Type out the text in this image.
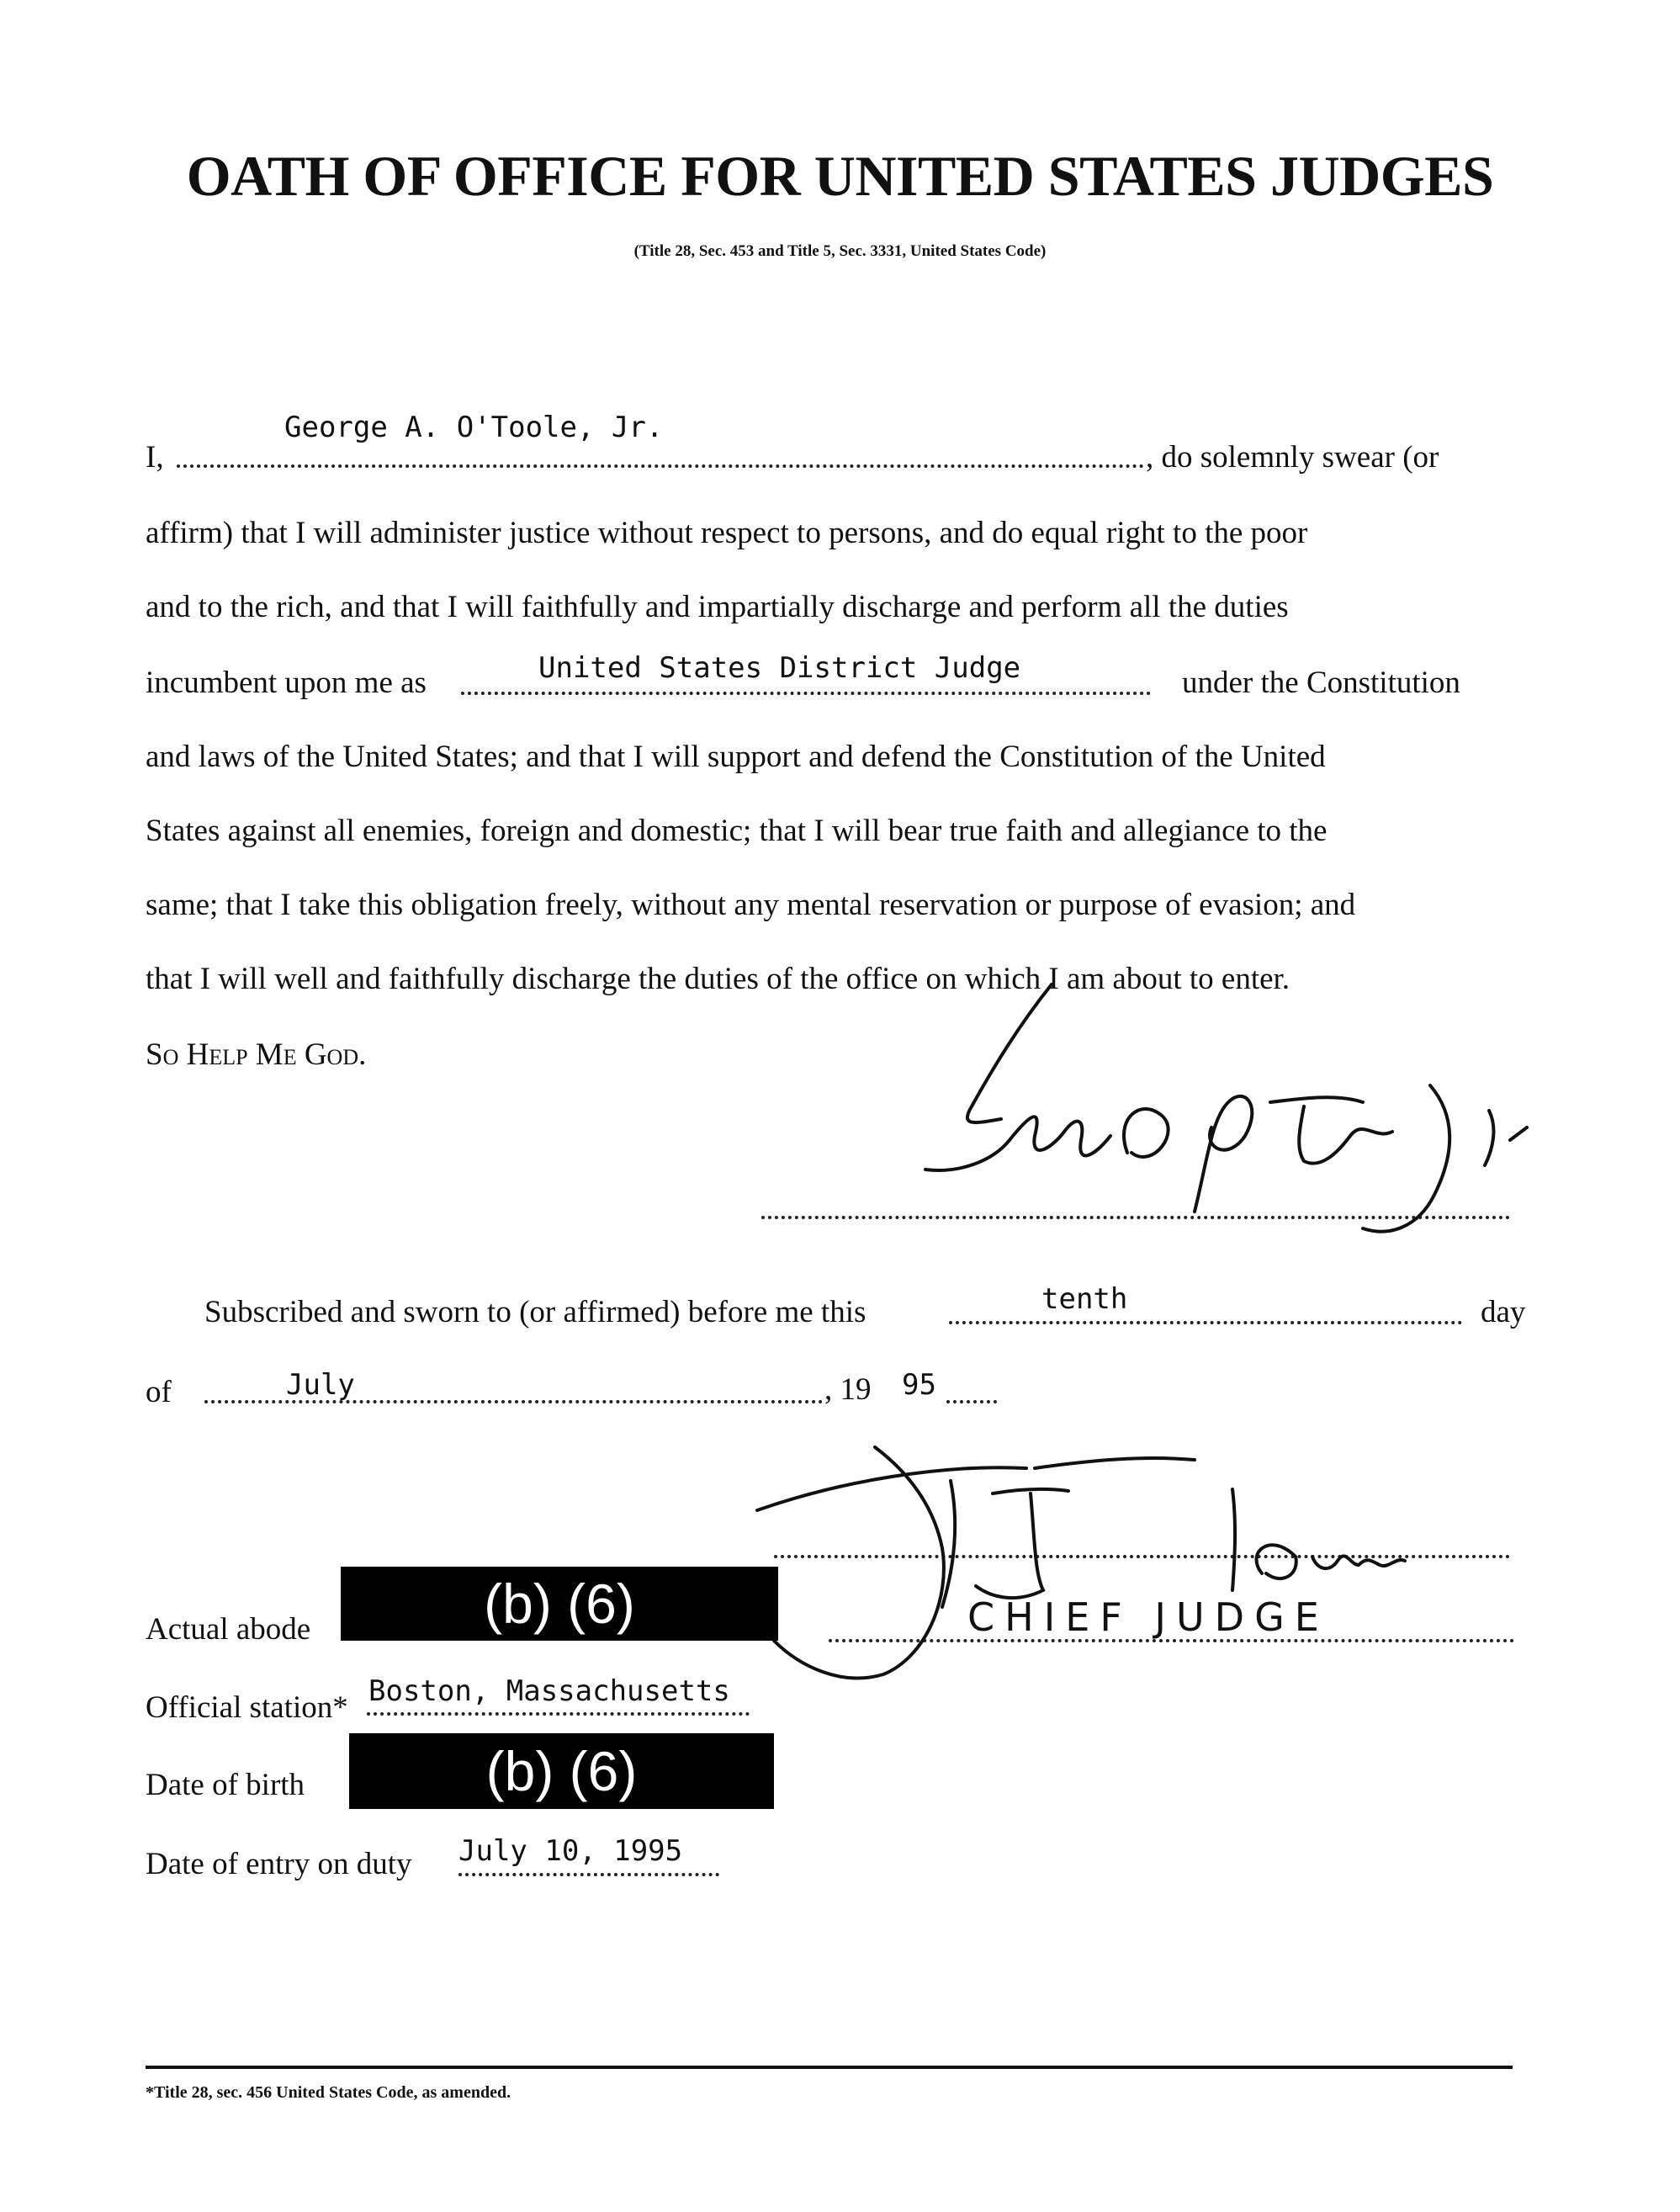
OATH OF OFFICE FOR UNITED STATES JUDGES
(Title 28, Sec. 453 and Title 5, Sec. 3331, United States Code)
I,
George A. O'Toole, Jr.
, do solemnly swear (or
affirm) that I will administer justice without respect to persons, and do equal right to the poor
and to the rich, and that I will faithfully and impartially discharge and perform all the duties
incumbent upon me as	United States District Judge	under the Constitution
and laws of the United States; and that I will support and defend the Constitution of the United
States against all enemies, foreign and domestic; that I will bear true faith and allegiance to the
same; that I take this obligation freely, without any mental reservation or purpose of evasion; and
that I will well and faithfully discharge the duties of the office on which I am about to enter.
So Help Me God.
Subscribed and sworn to (or affirmed) before me this	tenth	day
of	July	, 19 95
CHIEF JUDGE
Actual abode	(b) (6)
Official station* Boston, Massachusetts
Date of birth	(b) (6)
Date of entry on duty July 10, 1995
*Title 28, sec. 456 United States Code, as amended.
